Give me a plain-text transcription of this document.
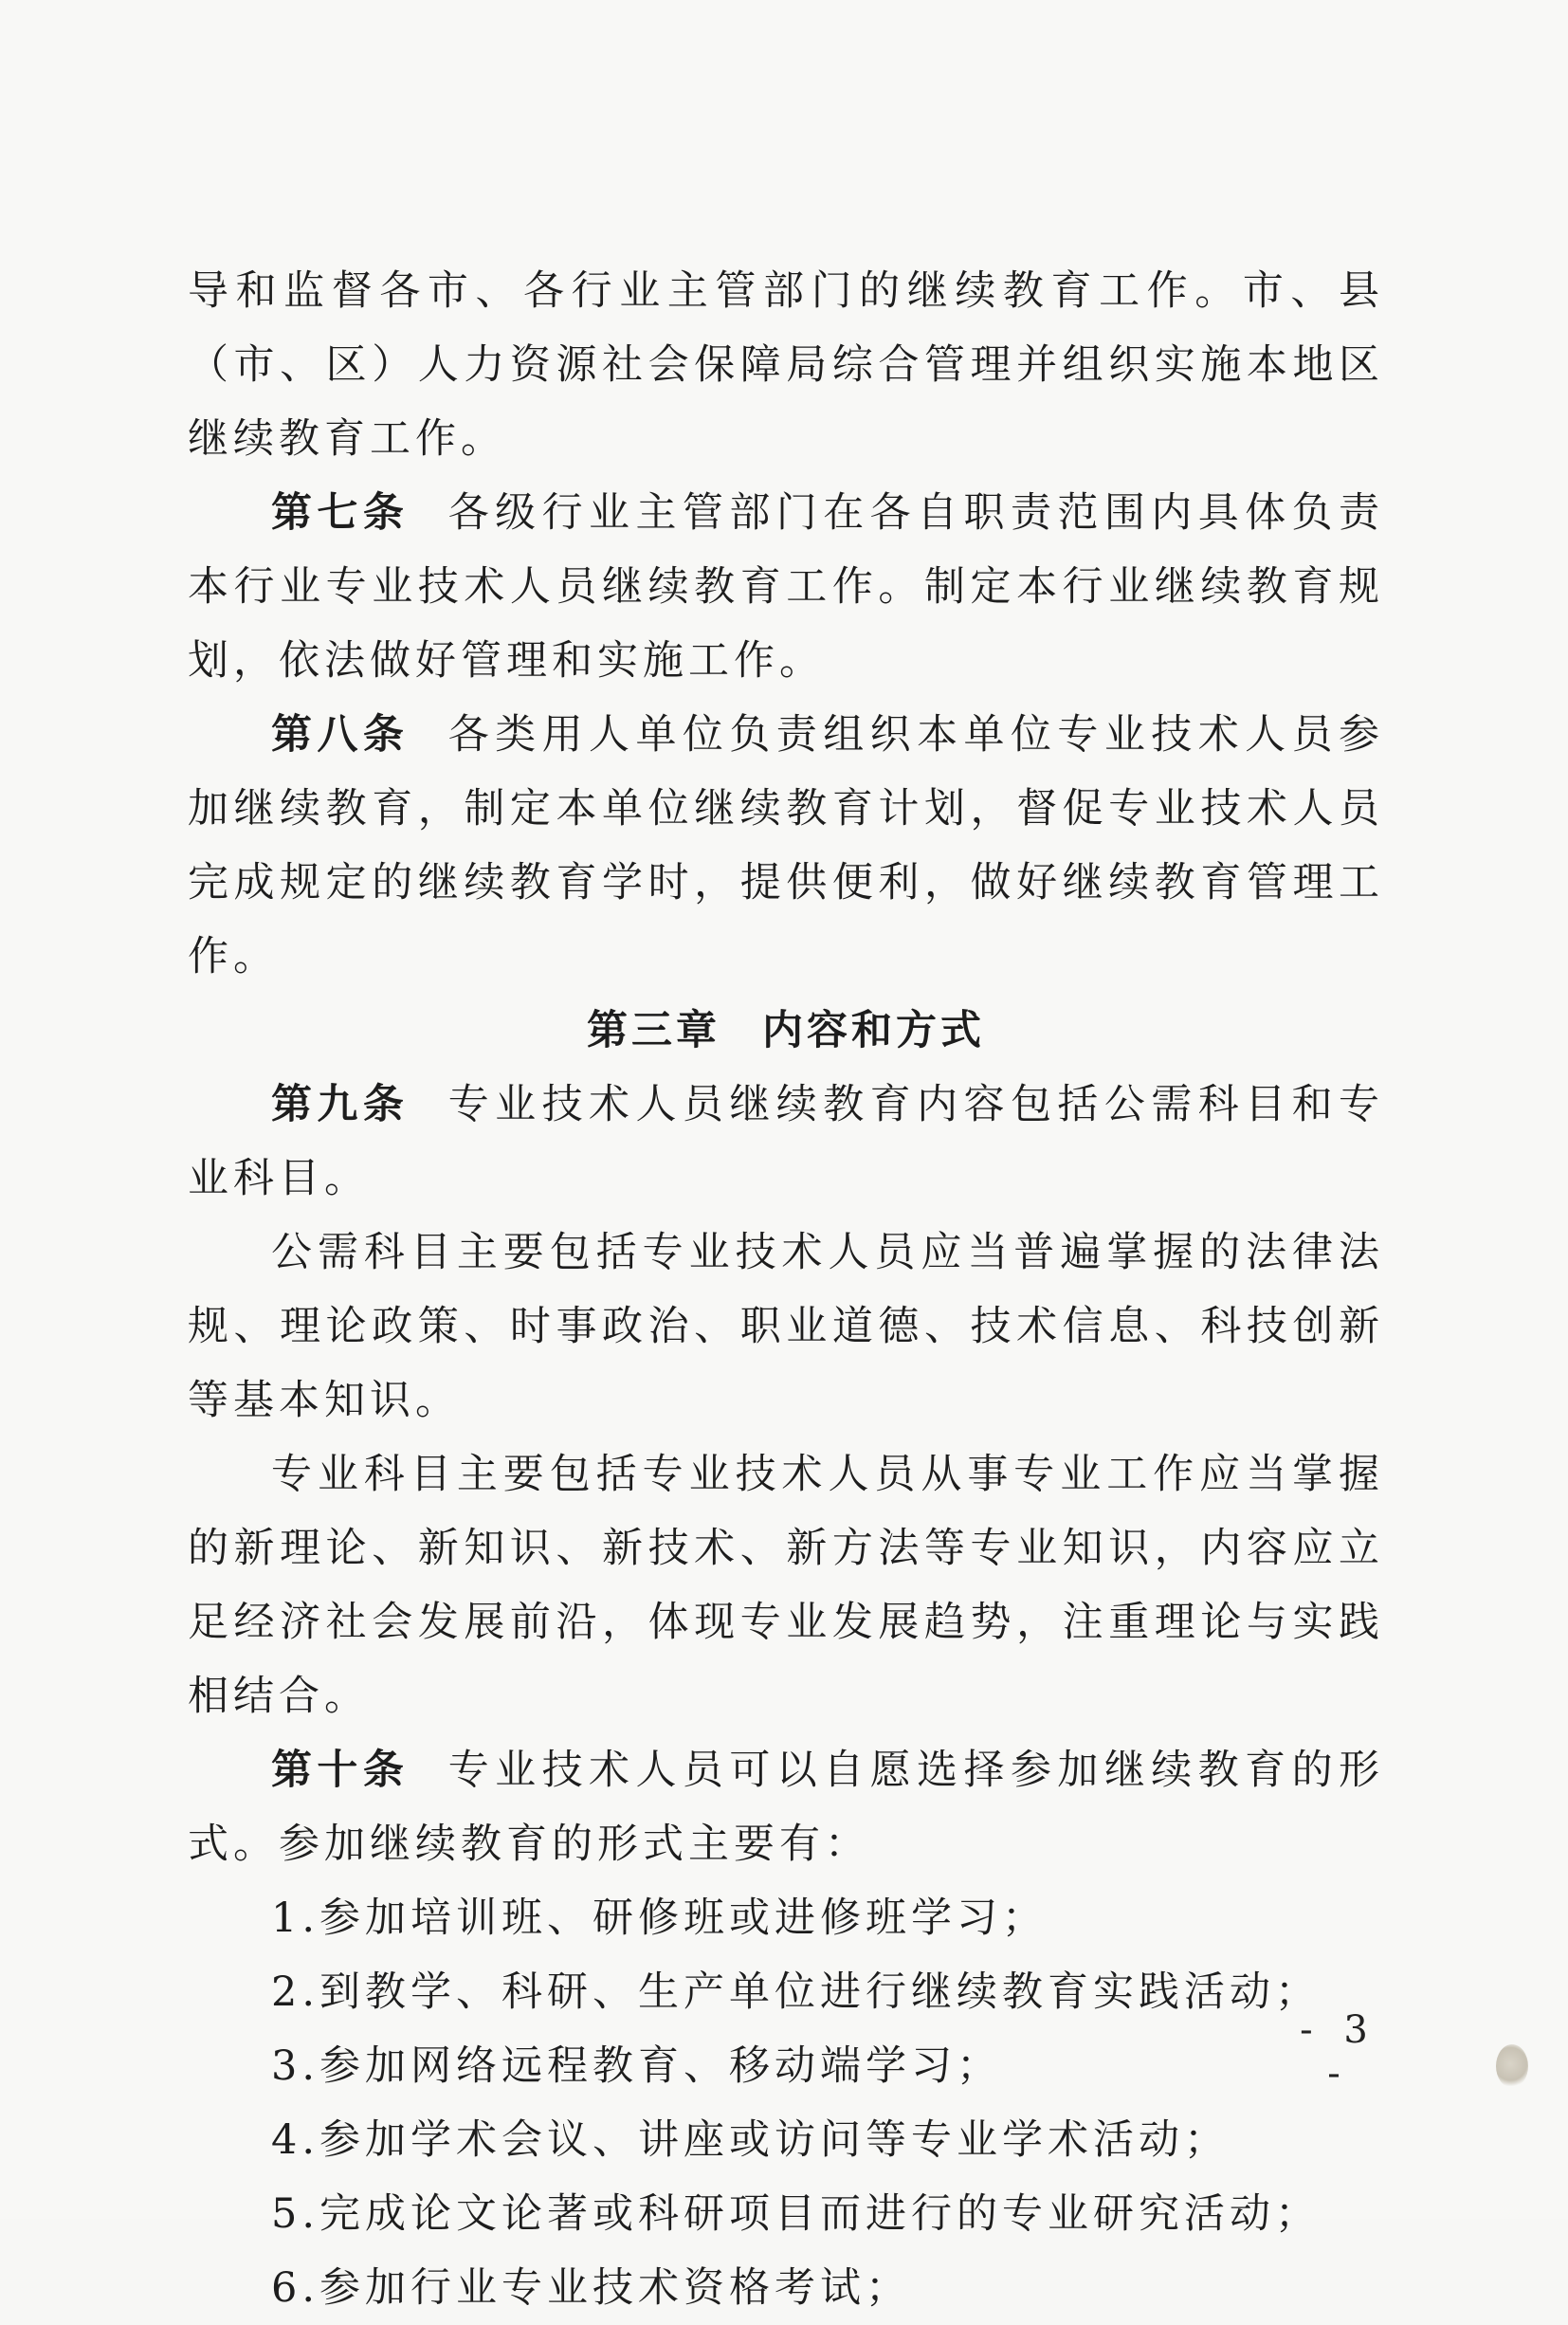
导和监督各市、各行业主管部门的继续教育工作。市、县（市、区）人力资源社会保障局综合管理并组织实施本地区继续教育工作。

第七条 各级行业主管部门在各自职责范围内具体负责本行业专业技术人员继续教育工作。制定本行业继续教育规划，依法做好管理和实施工作。

第八条 各类用人单位负责组织本单位专业技术人员参加继续教育，制定本单位继续教育计划，督促专业技术人员完成规定的继续教育学时，提供便利，做好继续教育管理工作。

第三章 内容和方式

第九条 专业技术人员继续教育内容包括公需科目和专业科目。

公需科目主要包括专业技术人员应当普遍掌握的法律法规、理论政策、时事政治、职业道德、技术信息、科技创新等基本知识。

专业科目主要包括专业技术人员从事专业工作应当掌握的新理论、新知识、新技术、新方法等专业知识，内容应立足经济社会发展前沿，体现专业发展趋势，注重理论与实践相结合。

第十条 专业技术人员可以自愿选择参加继续教育的形式。参加继续教育的形式主要有：

1.参加培训班、研修班或进修班学习；

2.到教学、科研、生产单位进行继续教育实践活动；

3.参加网络远程教育、移动端学习；

4.参加学术会议、讲座或访问等专业学术活动；

5.完成论文论著或科研项目而进行的专业研究活动；

6.参加行业专业技术资格考试；

- 3 -
